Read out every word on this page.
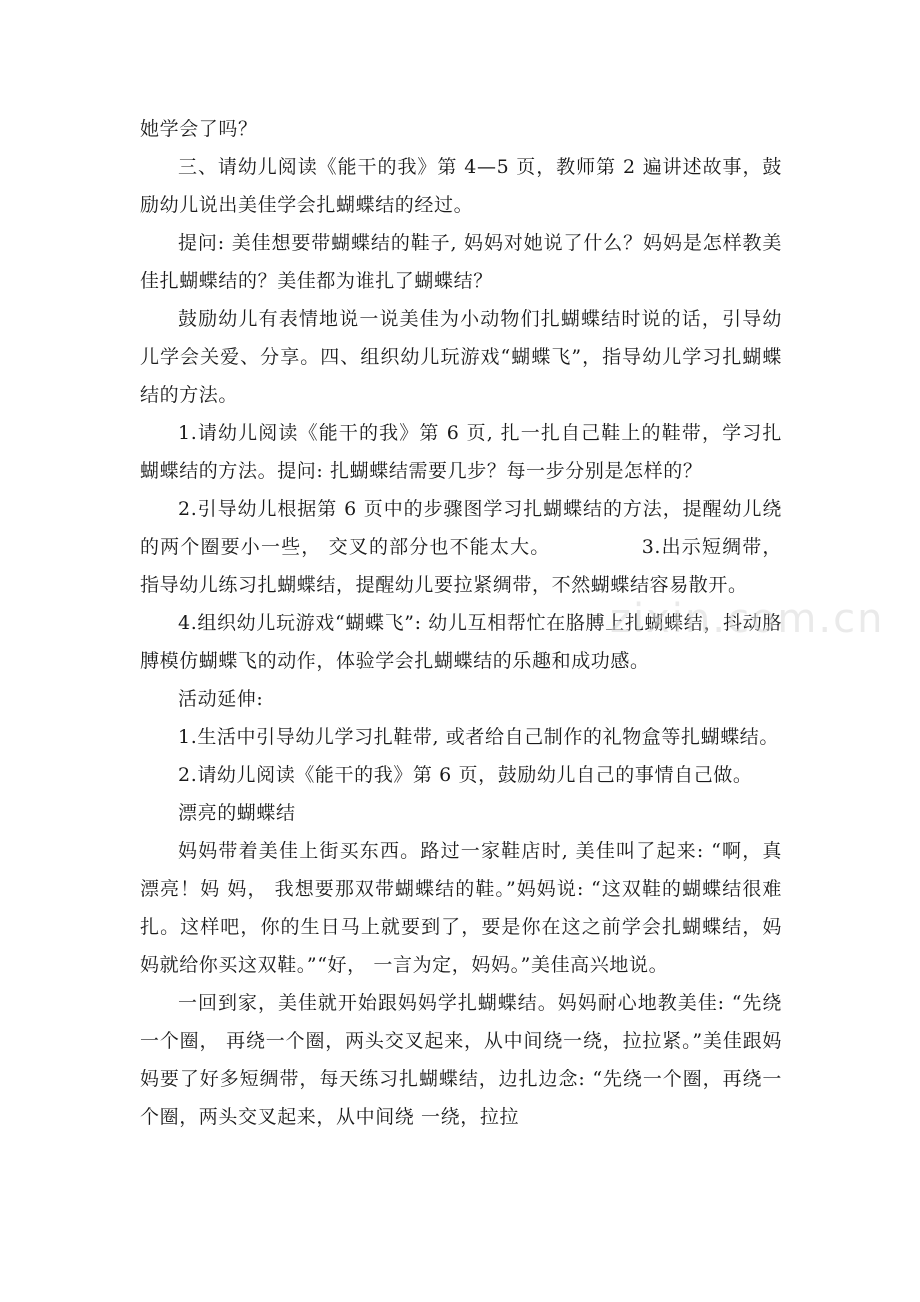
她学会了吗？

三、请幼儿阅读《能干的我》第 4—5 页，教师第 2 遍讲述故事，鼓励幼儿说出美佳学会扎蝴蝶结的经过。

提问: 美佳想要带蝴蝶结的鞋子, 妈妈对她说了什么？妈妈是怎样教美佳扎蝴蝶结的？美佳都为谁扎了蝴蝶结？

鼓励幼儿有表情地说一说美佳为小动物们扎蝴蝶结时说的话，引导幼儿学会关爱、分享。四、组织幼儿玩游戏“蝴蝶飞”，指导幼儿学习扎蝴蝶结的方法。

1.请幼儿阅读《能干的我》第 6 页, 扎一扎自己鞋上的鞋带，学习扎蝴蝶结的方法。提问: 扎蝴蝶结需要几步？每一步分别是怎样的？

2.引导幼儿根据第 6 页中的步骤图学习扎蝴蝶结的方法，提醒幼儿绕的两个圈要小一些， 交叉的部分也不能太大。　　　　　3.出示短绸带，指导幼儿练习扎蝴蝶结，提醒幼儿要拉紧绸带，不然蝴蝶结容易散开。

4.组织幼儿玩游戏“蝴蝶飞”: 幼儿互相帮忙在胳膊上扎蝴蝶结，抖动胳膊模仿蝴蝶飞的动作，体验学会扎蝴蝶结的乐趣和成功感。

活动延伸:

1.生活中引导幼儿学习扎鞋带, 或者给自己制作的礼物盒等扎蝴蝶结。

2.请幼儿阅读《能干的我》第 6 页，鼓励幼儿自己的事情自己做。

漂亮的蝴蝶结

妈妈带着美佳上街买东西。路过一家鞋店时, 美佳叫了起来: “啊，真漂亮！妈 妈， 我想要那双带蝴蝶结的鞋。”妈妈说: “这双鞋的蝴蝶结很难扎。这样吧，你的生日马上就要到了，要是你在这之前学会扎蝴蝶结，妈妈就给你买这双鞋。”“好， 一言为定，妈妈。”美佳高兴地说。

一回到家，美佳就开始跟妈妈学扎蝴蝶结。妈妈耐心地教美佳: “先绕一个圈， 再绕一个圈，两头交叉起来，从中间绕一绕，拉拉紧。”美佳跟妈妈要了好多短绸带，每天练习扎蝴蝶结，边扎边念: “先绕一个圈，再绕一个圈，两头交叉起来，从中间绕 一绕，拉拉

zixin.com.cn
